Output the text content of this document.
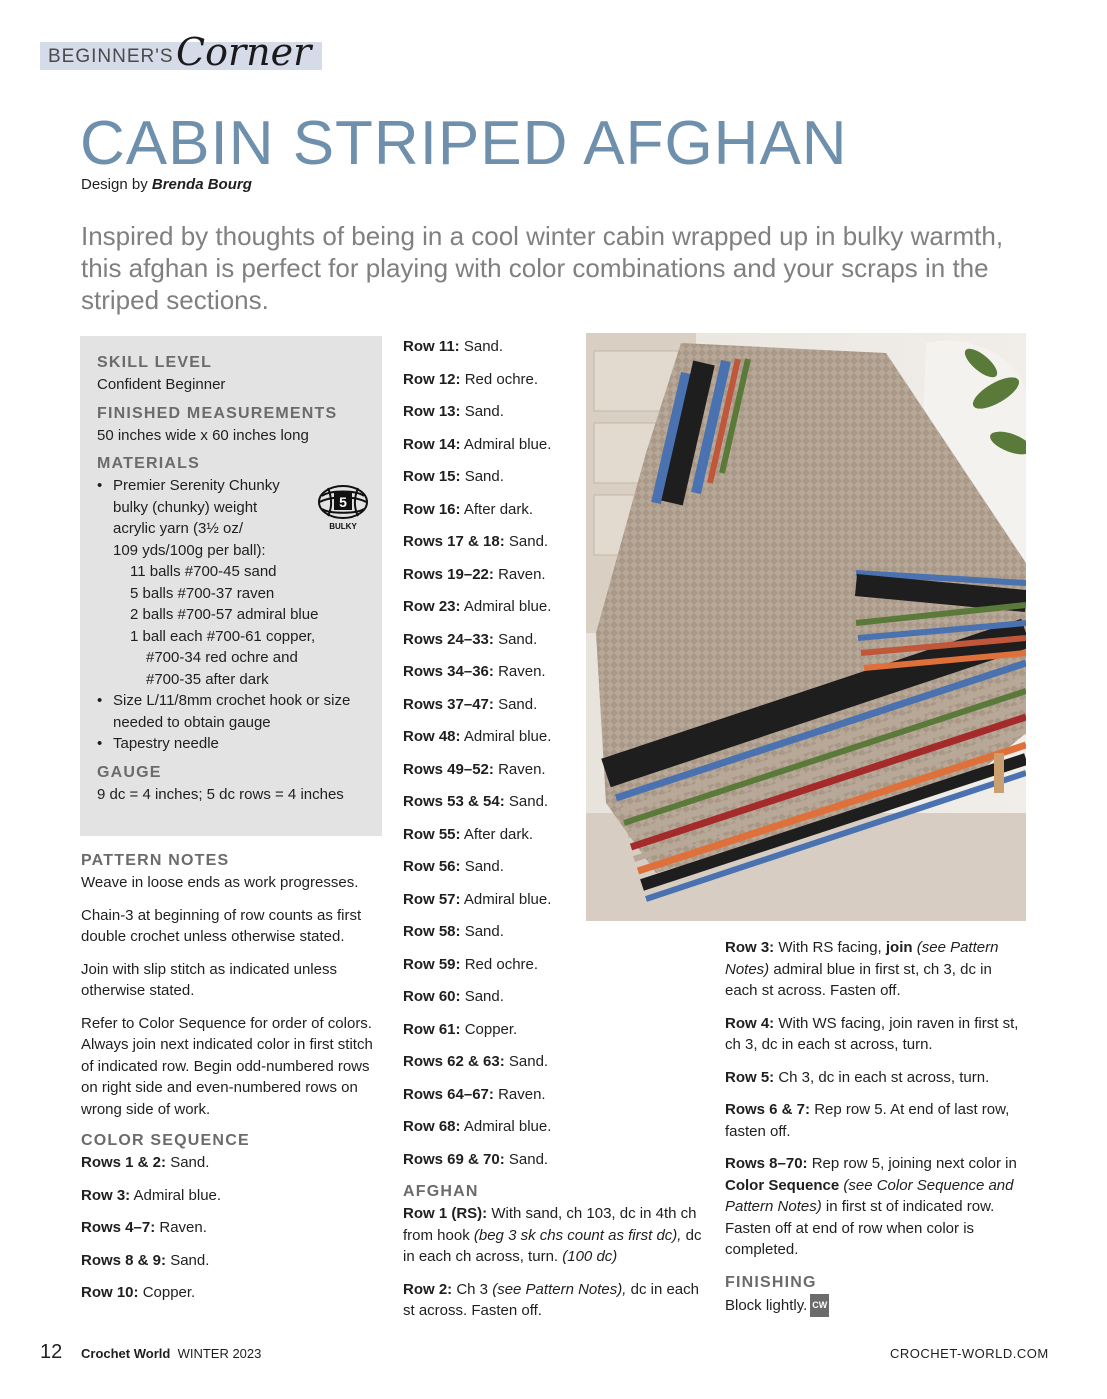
BEGINNER'S Corner
CABIN STRIPED AFGHAN
Design by Brenda Bourg
Inspired by thoughts of being in a cool winter cabin wrapped up in bulky warmth, this afghan is perfect for playing with color combinations and your scraps in the striped sections.
SKILL LEVEL
Confident Beginner
FINISHED MEASUREMENTS
50 inches wide x 60 inches long
MATERIALS
• Premier Serenity Chunky
bulky (chunky) weight
acrylic yarn (3½ oz/
109 yds/100g per ball):
11 balls #700-45 sand
5 balls #700-37 raven
2 balls #700-57 admiral blue
1 ball each #700-61 copper,
#700-34 red ochre and
#700-35 after dark
• Size L/11/8mm crochet hook or size
needed to obtain gauge
• Tapestry needle
GAUGE
9 dc = 4 inches; 5 dc rows = 4 inches
5
BULKY
PATTERN NOTES

Weave in loose ends as work progresses.

Chain-3 at beginning of row counts as first double crochet unless otherwise stated.

Join with slip stitch as indicated unless otherwise stated.

Refer to Color Sequence for order of colors. Always join next indicated color in first stitch of indicated row. Begin odd-numbered rows on right side and even-numbered rows on wrong side of work.

COLOR SEQUENCE
Rows 1 & 2: Sand.
Row 3: Admiral blue.
Rows 4–7: Raven.
Rows 8 & 9: Sand.
Row 10: Copper.
Row 11: Sand.
Row 12: Red ochre.
Row 13: Sand.
Row 14: Admiral blue.
Row 15: Sand.
Row 16: After dark.
Rows 17 & 18: Sand.
Rows 19–22: Raven.
Row 23: Admiral blue.
Rows 24–33: Sand.
Rows 34–36: Raven.
Rows 37–47: Sand.
Row 48: Admiral blue.
Rows 49–52: Raven.
Rows 53 & 54: Sand.
Row 55: After dark.
Row 56: Sand.
Row 57: Admiral blue.
Row 58: Sand.
Row 59: Red ochre.
Row 60: Sand.
Row 61: Copper.
Rows 62 & 63: Sand.
Rows 64–67: Raven.
Row 68: Admiral blue.
Rows 69 & 70: Sand.
AFGHAN

Row 1 (RS): With sand, ch 103, dc in 4th ch from hook (beg 3 sk chs count as first dc), dc in each ch across, turn. (100 dc)

Row 2: Ch 3 (see Pattern Notes), dc in each st across. Fasten off.

Row 3: With RS facing, join (see Pattern Notes) admiral blue in first st, ch 3, dc in each st across. Fasten off.

Row 4: With WS facing, join raven in first st, ch 3, dc in each st across, turn.

Row 5: Ch 3, dc in each st across, turn.

Rows 6 & 7: Rep row 5. At end of last row, fasten off.

Rows 8–70: Rep row 5, joining next color in Color Sequence (see Color Sequence and Pattern Notes) in first st of indicated row. Fasten off at end of row when color is completed.

FINISHING
Block lightly. CW
12 Crochet World WINTER 2023	CROCHET-WORLD.COM
